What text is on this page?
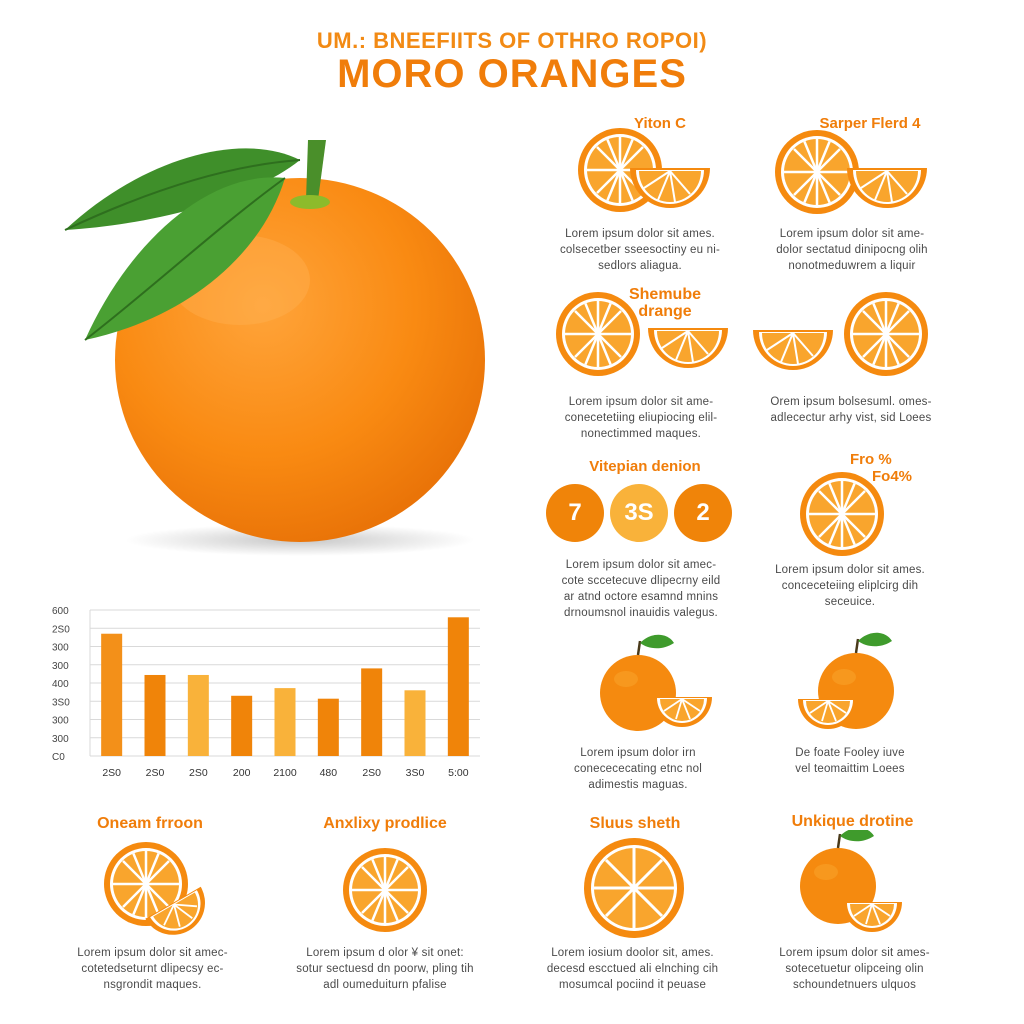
UM.: BNEEFIITS OF OTHRO ROPOI)
MORO ORANGES
600
2S0
300
300
400
3S0
300
300
C0
2S0 2S0 2S0 200 2100 480 2S0 3S0 5:00
Yiton C
Lorem ipsum dolor sit ames.
colsecetber sseesoctiny eu ni-
sedlors aliagua.
Sarper Flerd 4
Lorem ipsum dolor sit ame-
dolor sectatud dinipocng olih
nonotmeduwrem a liquir
Shemube
drange
Lorem ipsum dolor sit ame-
conecetetiing eliupiocing elil-
nonectimmed maques.
Orem ipsum bolsesuml. omes-
adlecectur arhy vist, sid Loees
Vitepian denion
7	3S	2
Lorem ipsum dolor sit amec-
cote sccetecuve dlipecrny eild
ar atnd octore esamnd mnins
drnoumsnol inauidis valegus.
Fro %
Fo4%
Lorem ipsum dolor sit ames.
conceceteiing eliplcirg dih
seceuice.
Lorem ipsum dolor irn
conecececating etnc nol
adimestis maguas.
De foate Fooley iuve
vel teomaittim Loees
Oneam frroon
Lorem ipsum dolor sit amec-
cotetedseturnt dlipecsy ec-
nsgrondit maques.
Anxlixy prodlice
Lorem ipsum d olor ¥ sit onet:
sotur sectuesd dn poorw, pling tih
adl oumeduiturn pfalise
Sluus sheth
Lorem iosium doolor sit, ames.
decesd escctued ali elnching cih
mosumcal pociind it peuase
Unkique drotine
Lorem ipsum dolor sit ames-
sotecetuetur olipceing olin
schoundetnuers ulquos
